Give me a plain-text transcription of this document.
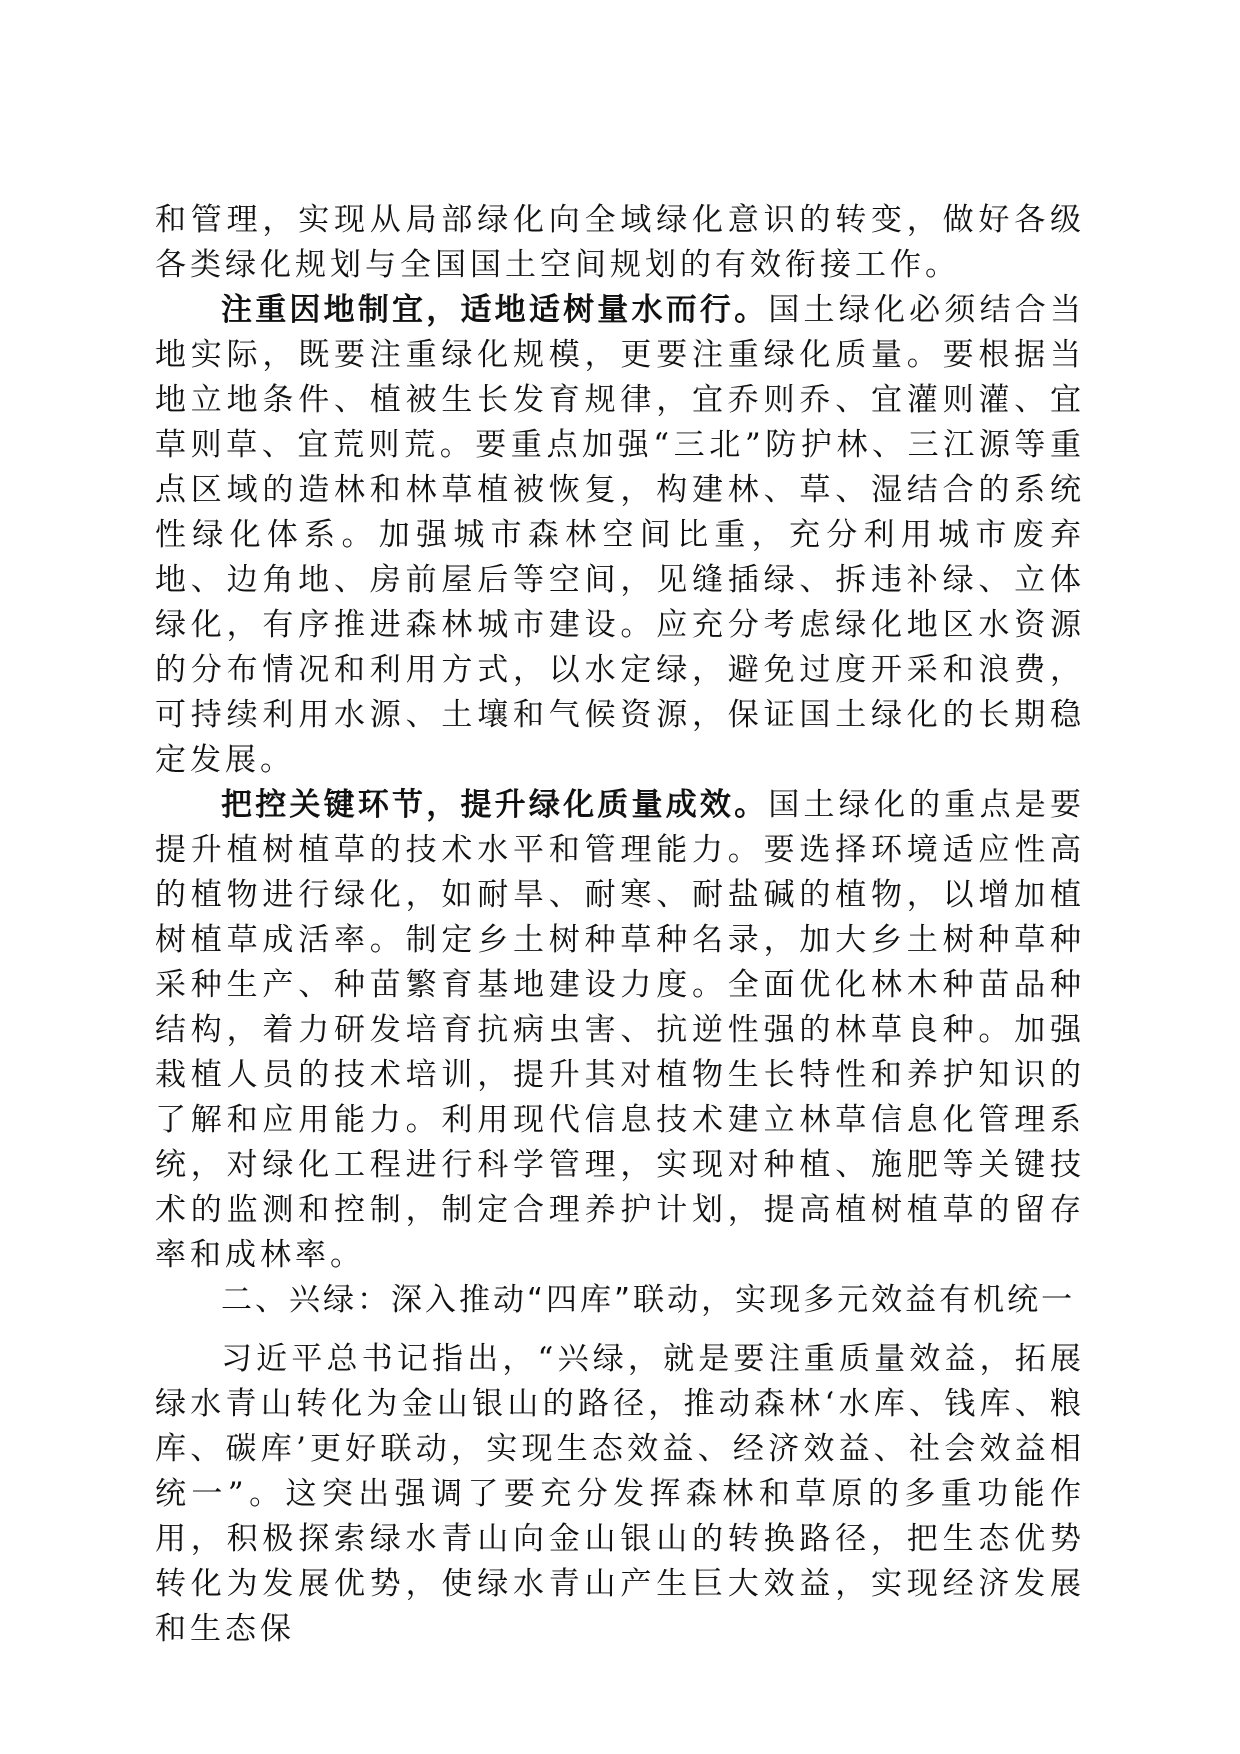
和管理，实现从局部绿化向全域绿化意识的转变，做好各级各类绿化规划与全国国土空间规划的有效衔接工作。

注重因地制宜，适地适树量水而行。国土绿化必须结合当地实际，既要注重绿化规模，更要注重绿化质量。要根据当地立地条件、植被生长发育规律，宜乔则乔、宜灌则灌、宜草则草、宜荒则荒。要重点加强“三北”防护林、三江源等重点区域的造林和林草植被恢复，构建林、草、湿结合的系统性绿化体系。加强城市森林空间比重，充分利用城市废弃地、边角地、房前屋后等空间，见缝插绿、拆违补绿、立体绿化，有序推进森林城市建设。应充分考虑绿化地区水资源的分布情况和利用方式，以水定绿，避免过度开采和浪费，可持续利用水源、土壤和气候资源，保证国土绿化的长期稳定发展。

把控关键环节，提升绿化质量成效。国土绿化的重点是要提升植树植草的技术水平和管理能力。要选择环境适应性高的植物进行绿化，如耐旱、耐寒、耐盐碱的植物，以增加植树植草成活率。制定乡土树种草种名录，加大乡土树种草种采种生产、种苗繁育基地建设力度。全面优化林木种苗品种结构，着力研发培育抗病虫害、抗逆性强的林草良种。加强栽植人员的技术培训，提升其对植物生长特性和养护知识的了解和应用能力。利用现代信息技术建立林草信息化管理系统，对绿化工程进行科学管理，实现对种植、施肥等关键技术的监测和控制，制定合理养护计划，提高植树植草的留存率和成林率。

二、兴绿：深入推动“四库”联动，实现多元效益有机统一

习近平总书记指出，“兴绿，就是要注重质量效益，拓展绿水青山转化为金山银山的路径，推动森林‘水库、钱库、粮库、碳库’更好联动，实现生态效益、经济效益、社会效益相统一”。这突出强调了要充分发挥森林和草原的多重功能作用，积极探索绿水青山向金山银山的转换路径，把生态优势转化为发展优势，使绿水青山产生巨大效益，实现经济发展和生态保
